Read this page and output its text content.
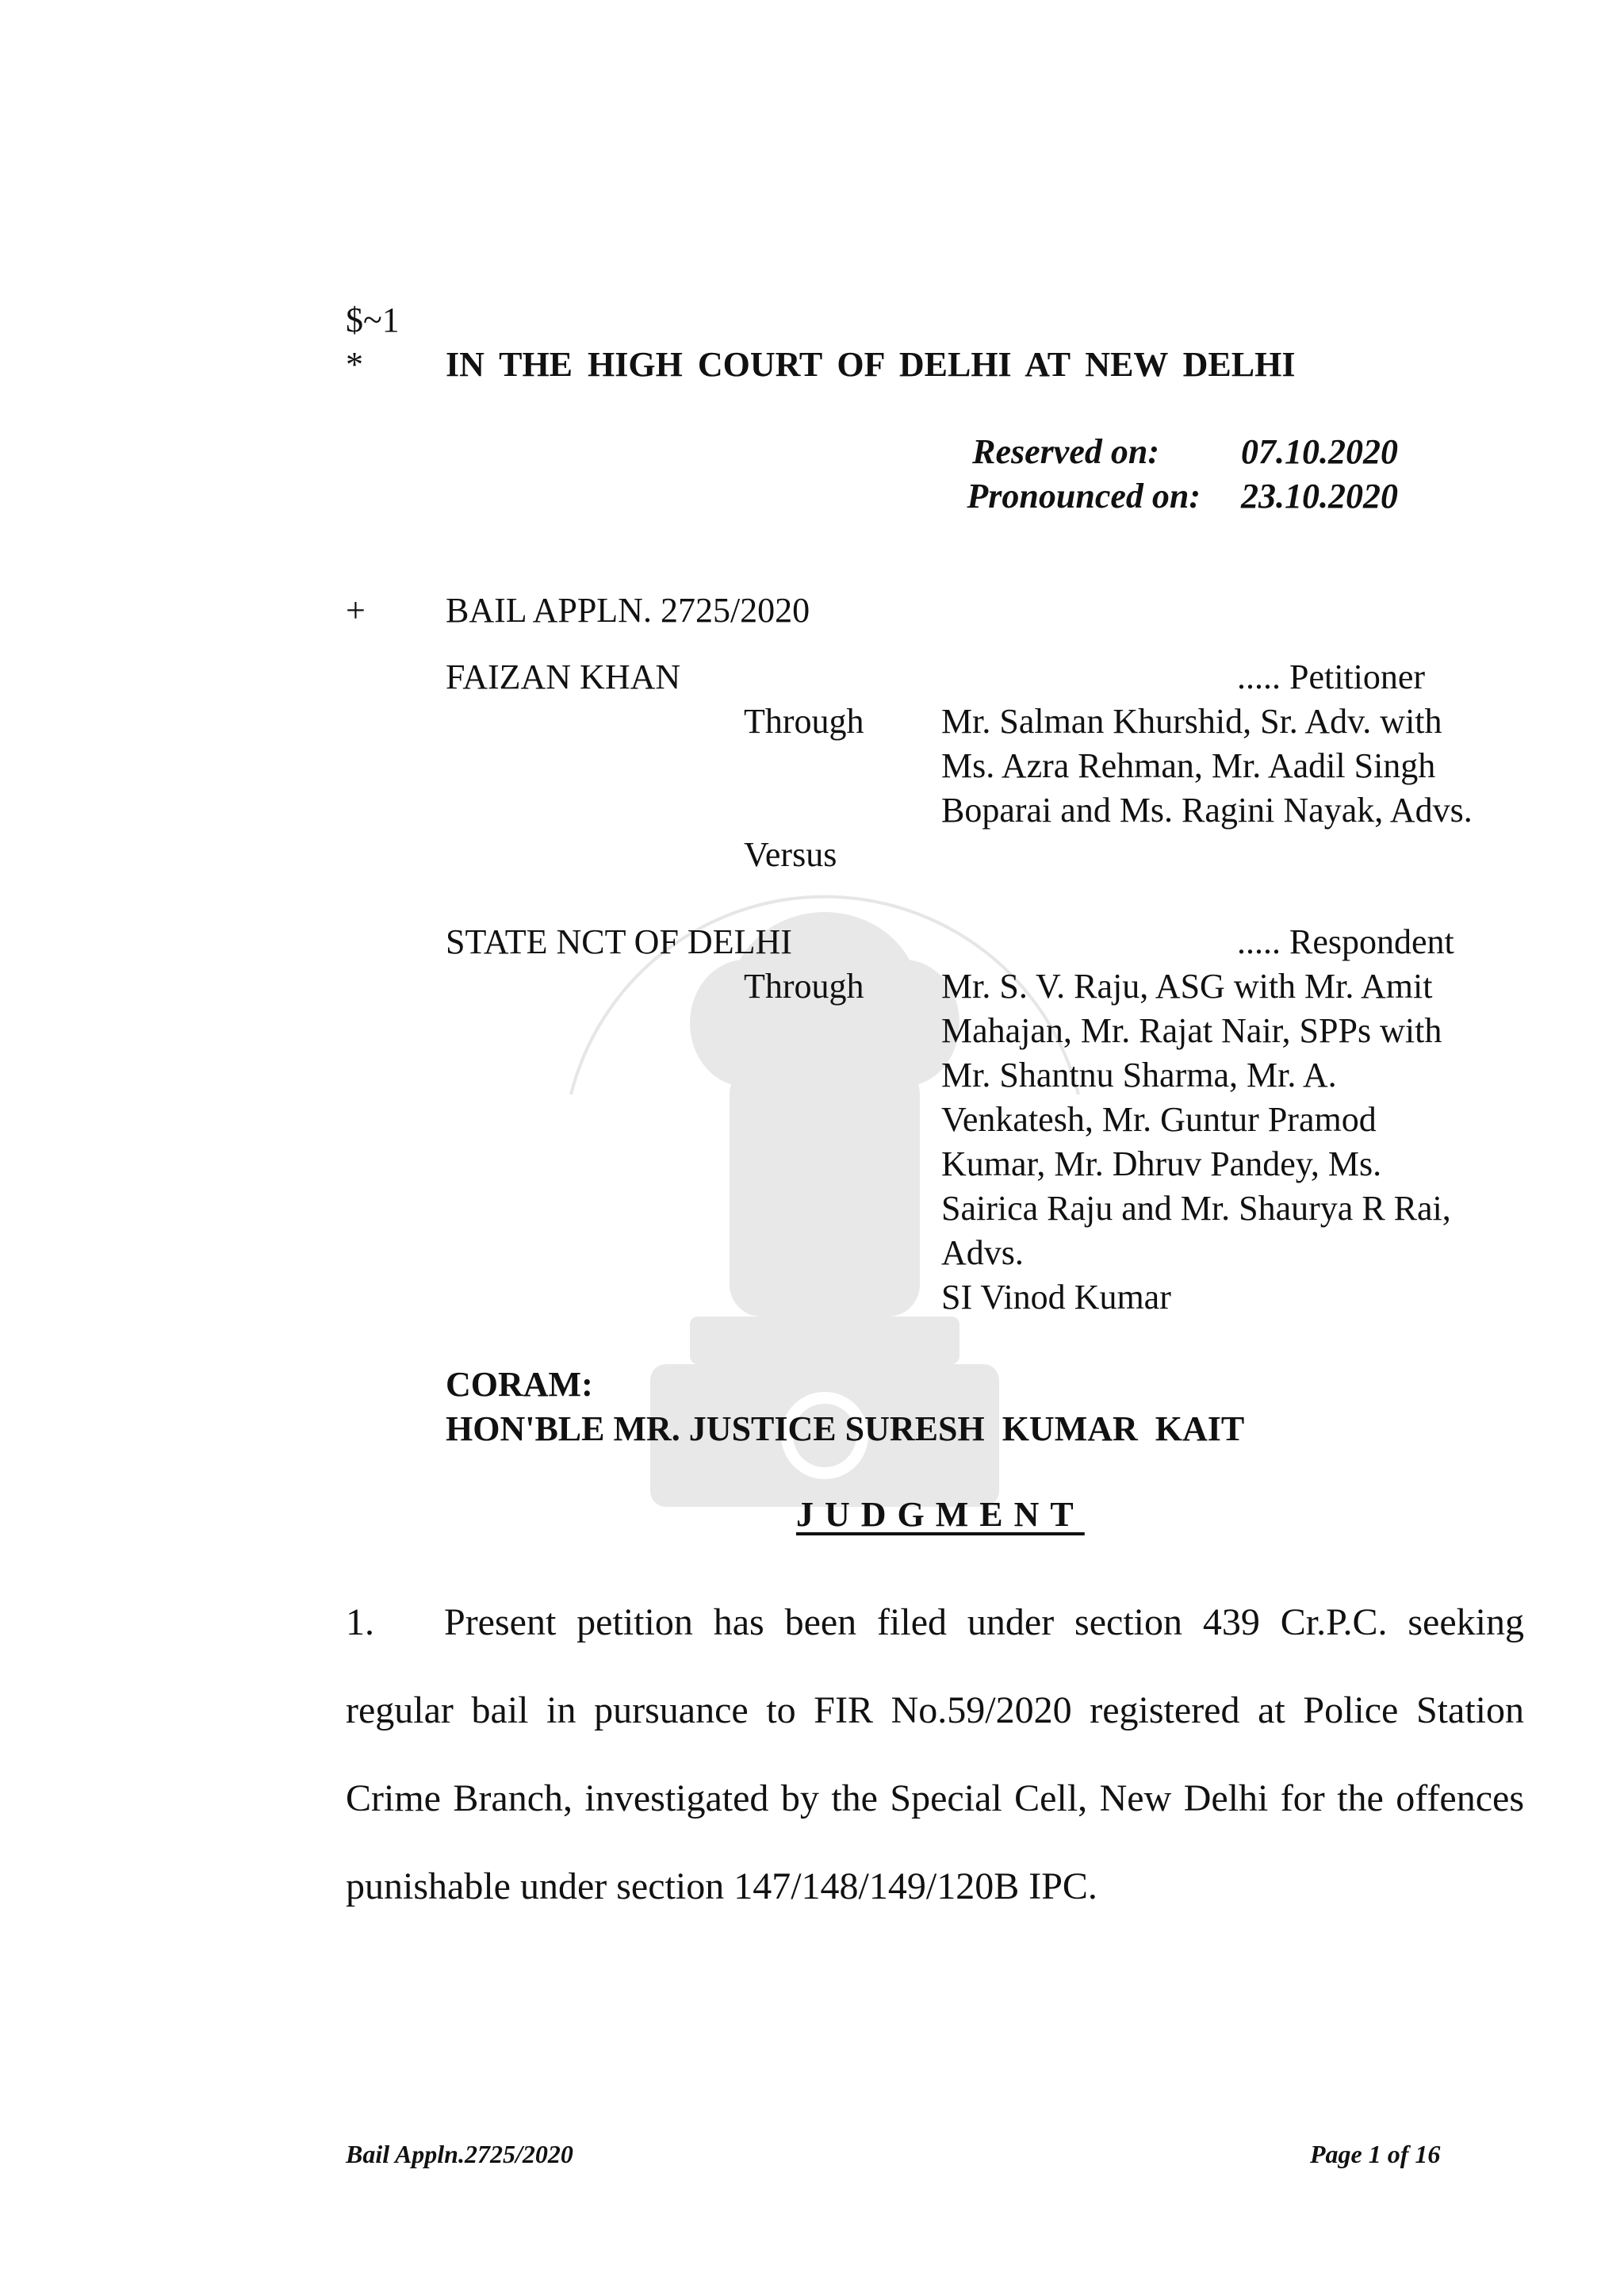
$~1
* IN THE HIGH COURT OF DELHI AT NEW DELHI
Reserved on: 07.10.2020
Pronounced on: 23.10.2020
+ BAIL APPLN. 2725/2020
FAIZAN KHAN	..... Petitioner
Through Mr. Salman Khurshid, Sr. Adv. with
Ms. Azra Rehman, Mr. Aadil Singh
Boparai and Ms. Ragini Nayak, Advs.
Versus
STATE NCT OF DELHI	..... Respondent
Through Mr. S. V. Raju, ASG with Mr. Amit
Mahajan, Mr. Rajat Nair, SPPs with
Mr. Shantnu Sharma, Mr. A.
Venkatesh, Mr. Guntur Pramod
Kumar, Mr. Dhruv Pandey, Ms.
Sairica Raju and Mr. Shaurya R Rai,
Advs.
SI Vinod Kumar
CORAM:
HON'BLE MR. JUSTICE SURESH  KUMAR  KAIT
JUDGMENT
1. Present petition has been filed under section 439 Cr.P.C. seeking regular bail in pursuance to FIR No.59/2020 registered at Police Station Crime Branch, investigated by the Special Cell, New Delhi for the offences punishable under section 147/148/149/120B IPC.
Bail Appln.2725/2020	Page 1 of 16
